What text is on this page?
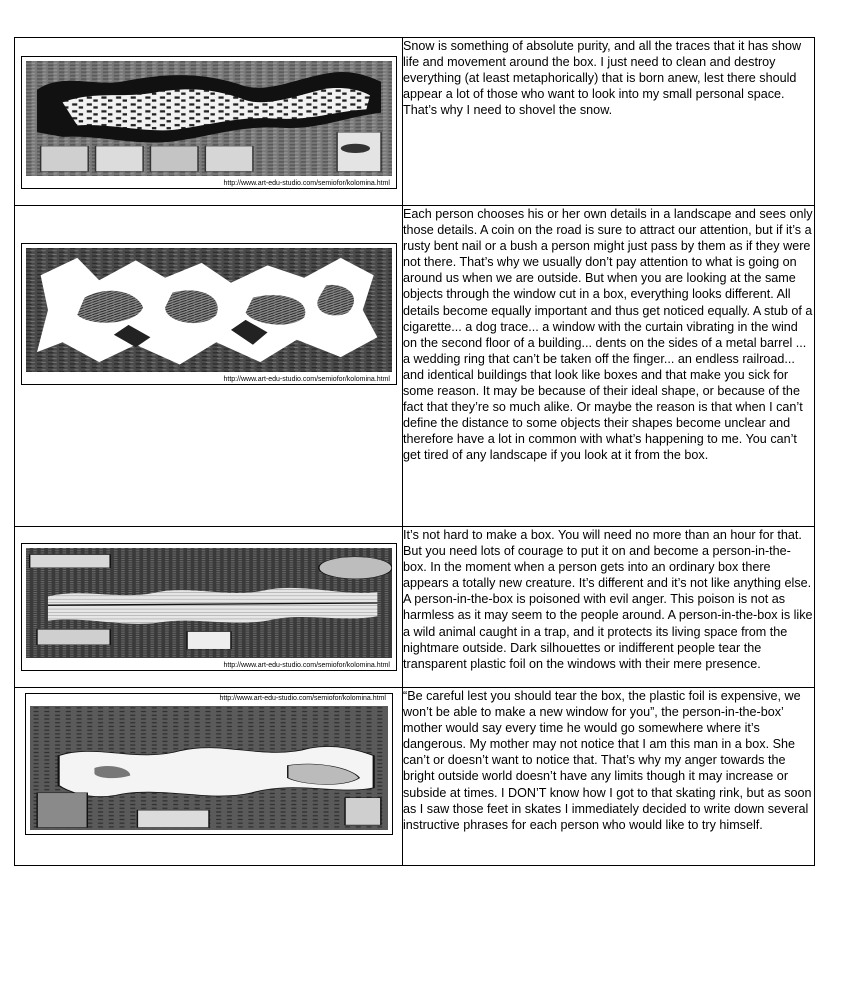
http://www.art-edu-studio.com/semiofor/kolomina.html	Snow is something of absolute purity, and all the traces that it has show life and movement around the box. I just need to clean and destroy everything (at least metaphorically) that is born anew, lest there should appear a lot of those who want to look into my small personal space. That’s why I need to shovel the snow.

http://www.art-edu-studio.com/semiofor/kolomina.html	Each person chooses his or her own details in a landscape and sees only those details. A coin on the road is sure to attract our attention, but if it’s a rusty bent nail or a bush a person might just pass by them as if they were not there. That’s why we usually don’t pay attention to what is going on around us when we are outside. But when you are looking at the same objects through the window cut in a box, everything looks different. All details become equally important and thus get noticed equally. A stub of a cigarette... a dog trace... a window with the curtain vibrating in the wind on the second floor of a building... dents on the sides of a metal barrel ... a wedding ring that can’t be taken off the finger... an endless railroad... and identical buildings that look like boxes and that make you sick for some reason. It may be because of their ideal shape, or because of the fact that they’re so much alike. Or maybe the reason is that when I can’t define the distance to some objects their shapes become unclear and therefore have a lot in common with what’s happening to me. You can’t get tired of any landscape if you look at it from the box.

http://www.art-edu-studio.com/semiofor/kolomina.html	It’s not hard to make a box. You will need no more than an hour for that. But you need lots of courage to put it on and become a person-in-the-box. In the moment when a person gets into an ordinary box there appears a totally new creature. It’s different and it’s not like anything else. A person-in-the-box is poisoned with evil anger. This poison is not as harmless as it may seem to the people around. A person-in-the-box is like a wild animal caught in a trap, and it protects its living space from the nightmare outside. Dark silhouettes or indifferent people tear the transparent plastic foil on the windows with their mere presence.

http://www.art-edu-studio.com/semiofor/kolomina.html	“Be careful lest you should tear the box, the plastic foil is expensive, we won’t be able to make a new window for you”, the person-in-the-box’ mother would say every time he would go somewhere where it’s dangerous. My mother may not notice that I am this man in a box. She can’t or doesn’t want to notice that. That’s why my anger towards the bright outside world doesn’t have any limits though it may increase or subside at times. I DON’T know how I got to that skating rink, but as soon as I saw those feet in skates I immediately decided to write down several instructive phrases for each person who would like to try himself.
